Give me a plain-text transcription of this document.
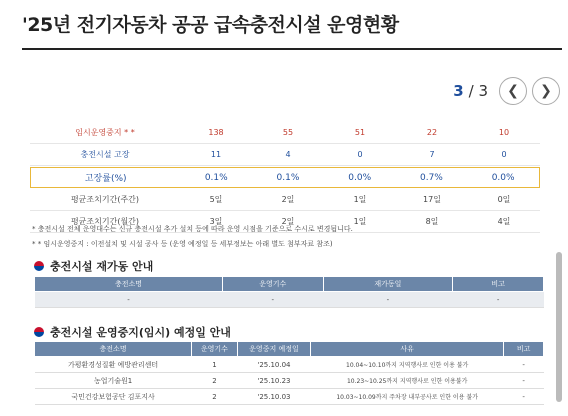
'25년 전기자동차 공공 급속충전시설 운영현황
3 / 3 ❮ ❯
임시운영중지 * *	138	55	51	22	10
충전시설 고장	11	4	0	7	0
고장률(%)	0.1%	0.1%	0.0%	0.7%	0.0%
평균조치기간(주간)	5일	2일	1일	17일	0일
평균조치기간(월간)	3일	2일	1일	8일	4일
* 충전시설 전체 운영대수는 신규 충전시설 추가 설치 등에 따라 운영 시점을 기준으로 수시로 변경됩니다.
* * 임시운영중지 : 이전설치 및 시설 공사 등 (운영 예정일 등 세부정보는 아래 별도 첨부자료 참조)
충전시설 재가동 안내
충전소명	운영기수	재가동일	비고
-	-	-	-
충전시설 운영중지(임시) 예정일 안내
충전소명	운영기수	운영중지 예정일	사유	비고
가평환경성질환 예방관리센터	1	'25.10.04	10.04~10.10까지 지역행사로 인한 이용 불가	-
농업기술원1	2	'25.10.23	10.23~10.25까지 지역행사로 인한 이용불가	-
국민건강보험공단 김포지사	2	'25.10.03	10.03~10.09까지 주차장 내부공사로 인한 이용 불가	-
